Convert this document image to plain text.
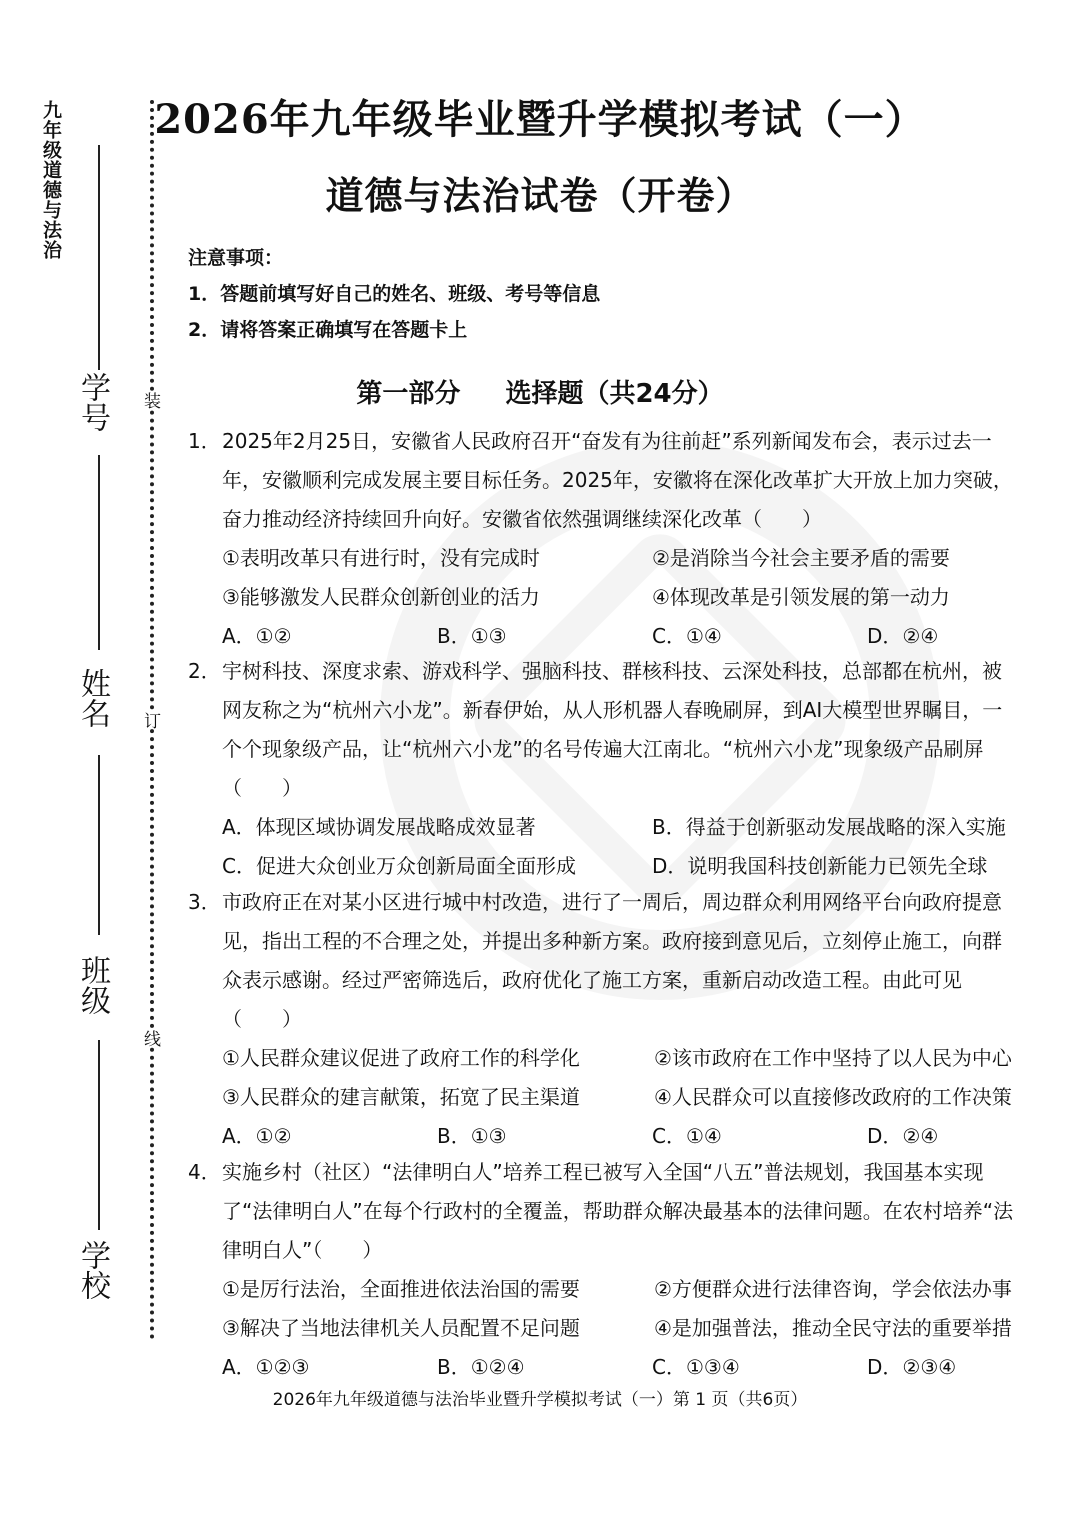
九年级道德与法治
学号
姓名
班级
学校
装
订
线
2026年九年级毕业暨升学模拟考试（一）
道德与法治试卷（开卷）
注意事项：
1．答题前填写好自己的姓名、班级、考号等信息
2．请将答案正确填写在答题卡上
第一部分 选择题（共24分）
1．2025年2月25日，安徽省人民政府召开“奋发有为往前赶”系列新闻发布会，表示过去一年，安徽顺利完成发展主要目标任务。2025年，安徽将在深化改革扩大开放上加力突破，奋力推动经济持续回升向好。安徽省依然强调继续深化改革（　　）
①表明改革只有进行时，没有完成时	②是消除当今社会主要矛盾的需要
③能够激发人民群众创新创业的活力	④体现改革是引领发展的第一动力
A．①②	B．①③	C．①④	D．②④
2．宇树科技、深度求索、游戏科学、强脑科技、群核科技、云深处科技，总部都在杭州，被网友称之为“杭州六小龙”。新春伊始，从人形机器人春晚刷屏，到AI大模型世界瞩目，一个个现象级产品，让“杭州六小龙”的名号传遍大江南北。“杭州六小龙”现象级产品刷屏（　　）
A．体现区域协调发展战略成效显著	B．得益于创新驱动发展战略的深入实施
C．促进大众创业万众创新局面全面形成	D．说明我国科技创新能力已领先全球
3．市政府正在对某小区进行城中村改造，进行了一周后，周边群众利用网络平台向政府提意见，指出工程的不合理之处，并提出多种新方案。政府接到意见后，立刻停止施工，向群众表示感谢。经过严密筛选后，政府优化了施工方案，重新启动改造工程。由此可见（　　）
①人民群众建议促进了政府工作的科学化	②该市政府在工作中坚持了以人民为中心
③人民群众的建言献策，拓宽了民主渠道	④人民群众可以直接修改政府的工作决策
A．①②	B．①③	C．①④	D．②④
4．实施乡村（社区）“法律明白人”培养工程已被写入全国“八五”普法规划，我国基本实现了“法律明白人”在每个行政村的全覆盖，帮助群众解决最基本的法律问题。在农村培养“法律明白人”（　　）
①是厉行法治，全面推进依法治国的需要	②方便群众进行法律咨询，学会依法办事
③解决了当地法律机关人员配置不足问题	④是加强普法，推动全民守法的重要举措
A．①②③	B．①②④	C．①③④	D．②③④
2026年九年级道德与法治毕业暨升学模拟考试（一）第 1 页（共6页）
